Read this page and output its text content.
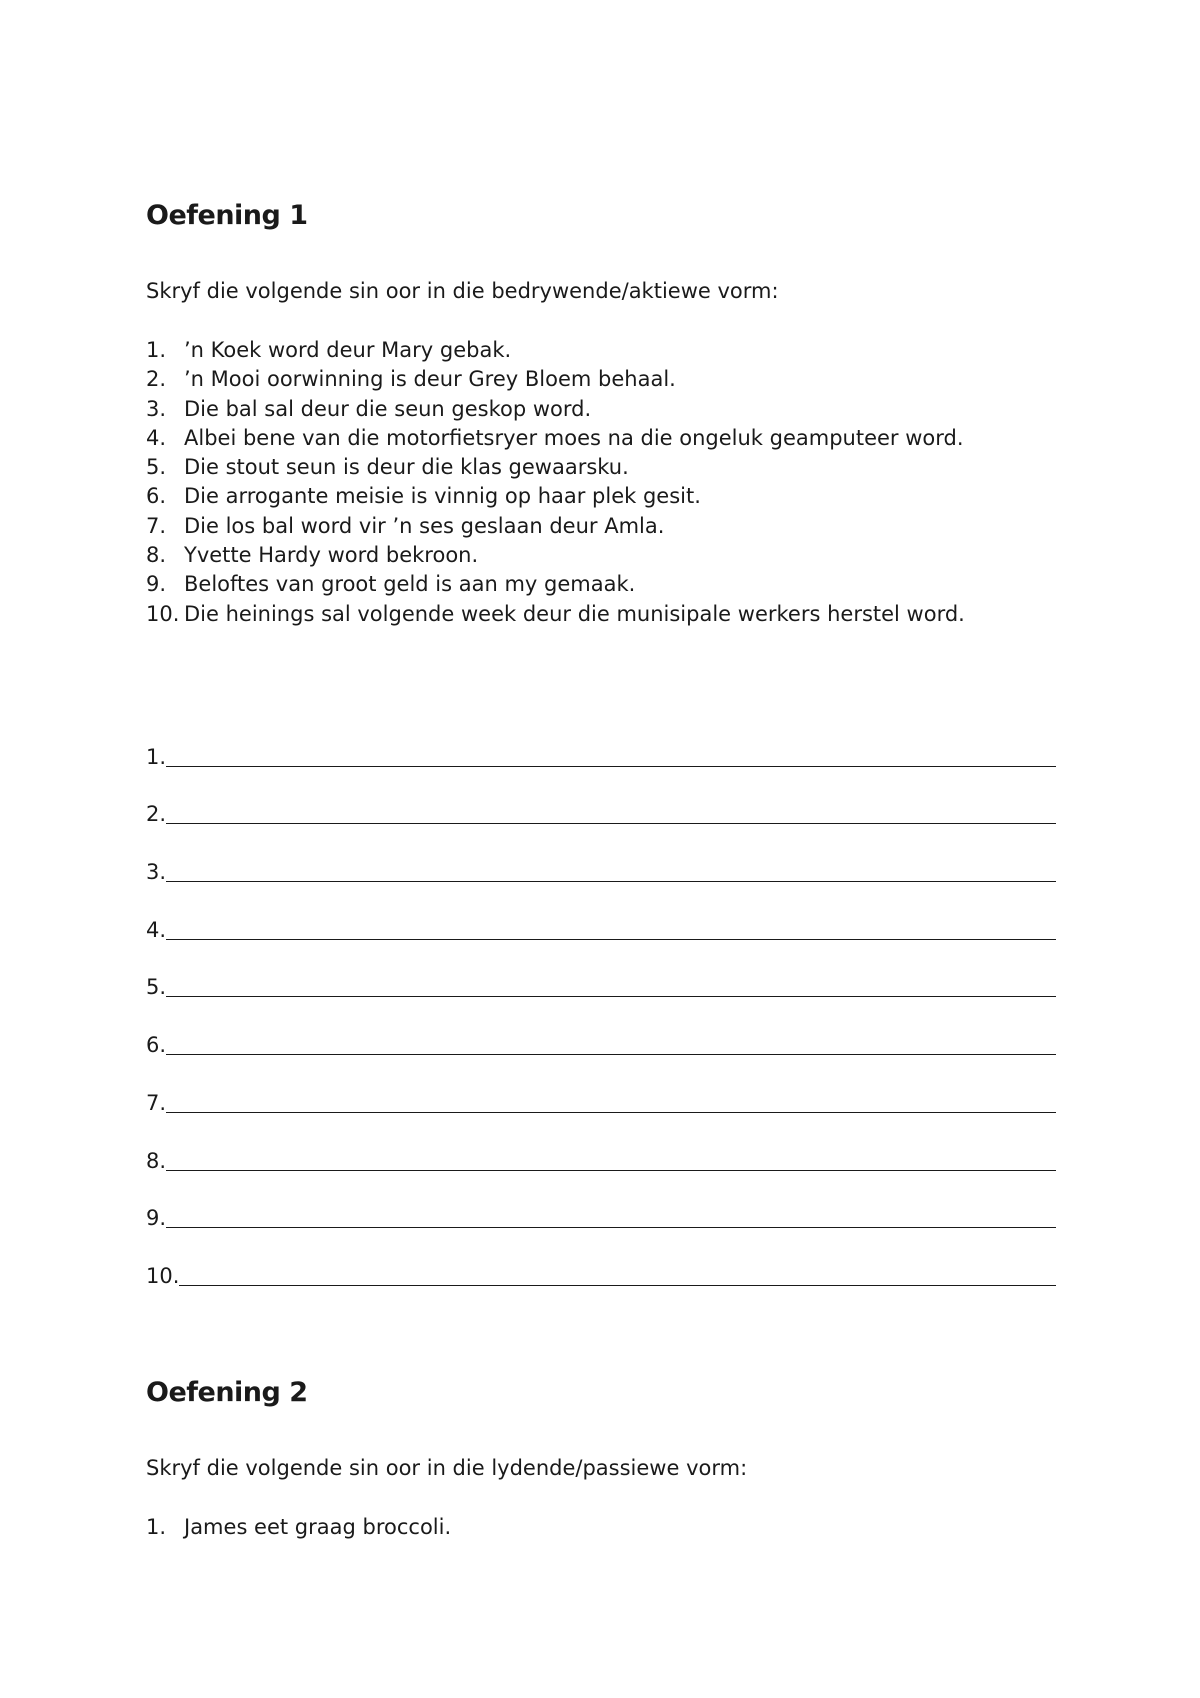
Oefening 1

Skryf die volgende sin oor in die bedrywende/aktiewe vorm:

1. ’n Koek word deur Mary gebak.
2. ’n Mooi oorwinning is deur Grey Bloem behaal.
3. Die bal sal deur die seun geskop word.
4. Albei bene van die motorfietsryer moes na die ongeluk geamputeer word.
5. Die stout seun is deur die klas gewaarsku.
6. Die arrogante meisie is vinnig op haar plek gesit.
7. Die los bal word vir ’n ses geslaan deur Amla.
8. Yvette Hardy word bekroon.
9. Beloftes van groot geld is aan my gemaak.
10. Die heinings sal volgende week deur die munisipale werkers herstel word.
1.
2.
3.
4.
5.
6.
7.
8.
9.
10.
Oefening 2

Skryf die volgende sin oor in die lydende/passiewe vorm:

1. James eet graag broccoli.
